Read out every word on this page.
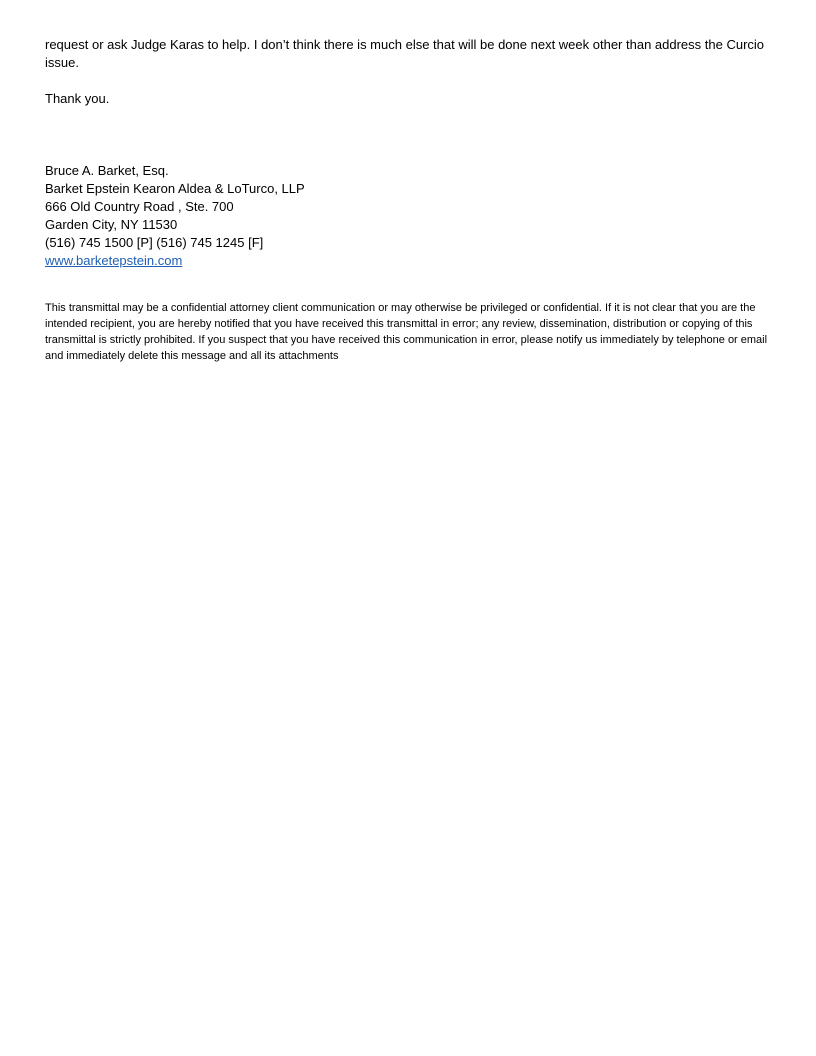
request or ask Judge Karas to help. I don’t think there is much else that will be done next week other than address the Curcio issue.

Thank you.

Bruce A. Barket, Esq.

Barket Epstein Kearon Aldea & LoTurco, LLP

666 Old Country Road , Ste. 700

Garden City, NY 11530

(516) 745 1500 [P] (516) 745 1245 [F]

www.barketepstein.com

This transmittal may be a confidential attorney client communication or may otherwise be privileged or confidential. If it is not clear that you are the intended recipient, you are hereby notified that you have received this transmittal in error; any review, dissemination, distribution or copying of this transmittal is strictly prohibited. If you suspect that you have received this communication in error, please notify us immediately by telephone or email and immediately delete this message and all its attachments
